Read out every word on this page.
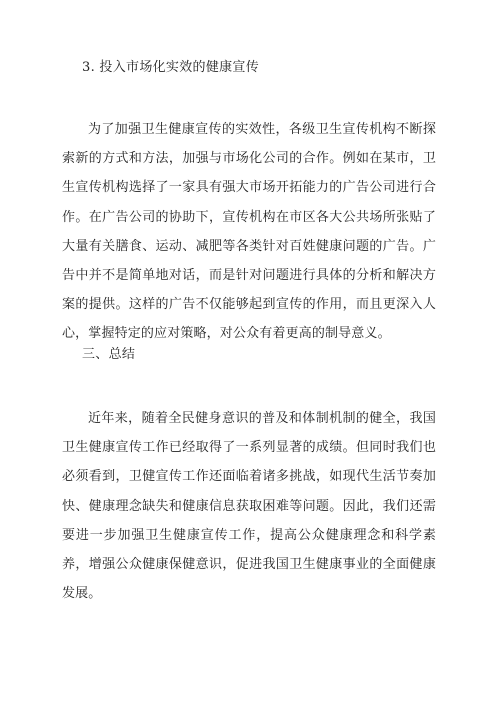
3. 投入市场化实效的健康宣传
为了加强卫生健康宣传的实效性，各级卫生宣传机构不断探索新的方式和方法，加强与市场化公司的合作。例如在某市，卫生宣传机构选择了一家具有强大市场开拓能力的广告公司进行合作。在广告公司的协助下，宣传机构在市区各大公共场所张贴了大量有关膳食、运动、减肥等各类针对百姓健康问题的广告。广告中并不是简单地对话，而是针对问题进行具体的分析和解决方案的提供。这样的广告不仅能够起到宣传的作用，而且更深入人心，掌握特定的应对策略，对公众有着更高的制导意义。
三、总结
近年来，随着全民健身意识的普及和体制机制的健全，我国卫生健康宣传工作已经取得了一系列显著的成绩。但同时我们也必须看到，卫健宣传工作还面临着诸多挑战，如现代生活节奏加快、健康理念缺失和健康信息获取困难等问题。因此，我们还需要进一步加强卫生健康宣传工作，提高公众健康理念和科学素养，增强公众健康保健意识，促进我国卫生健康事业的全面健康发展。
